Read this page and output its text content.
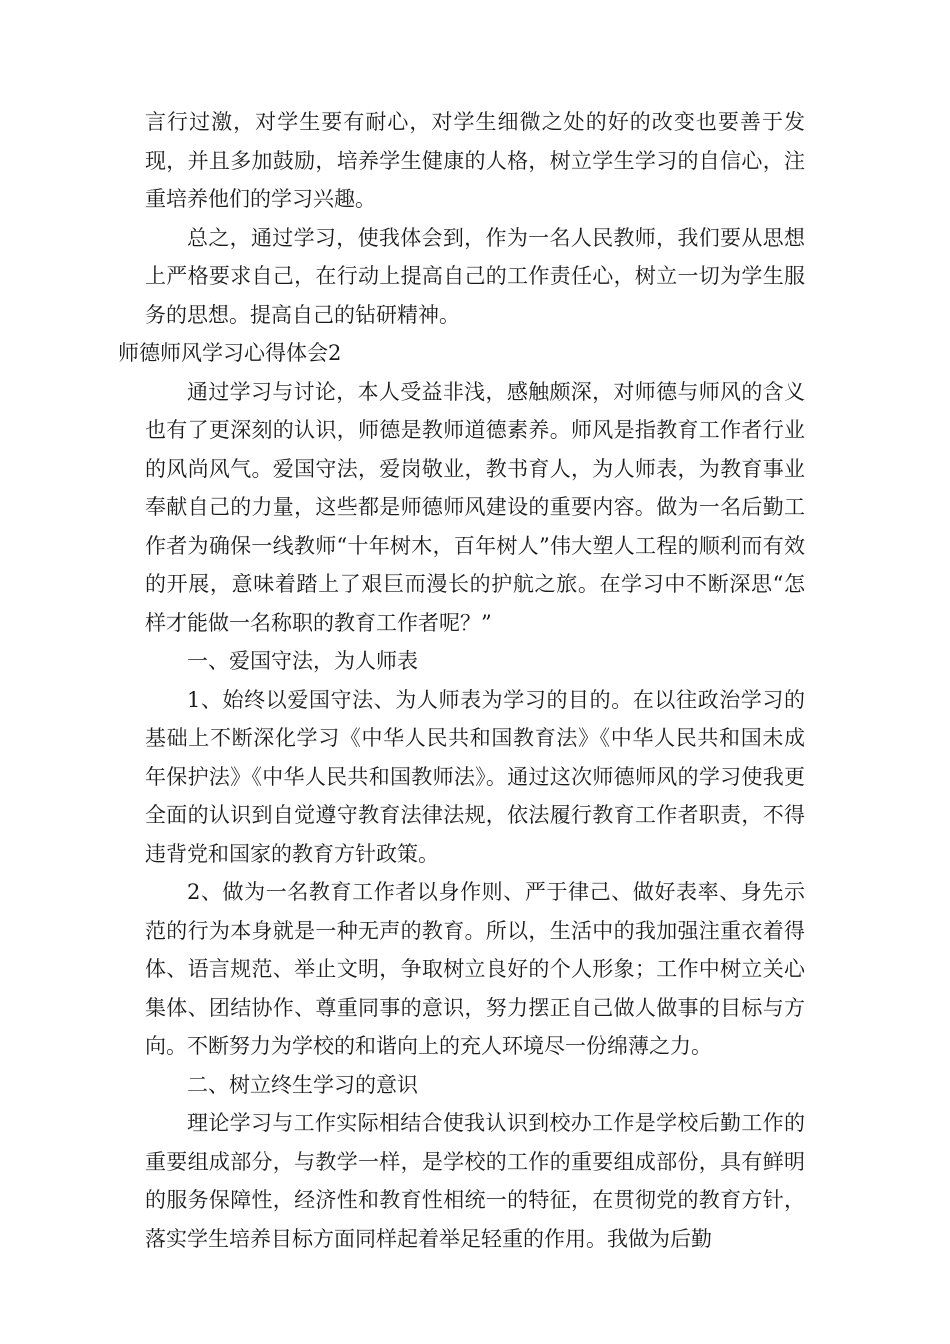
言行过激，对学生要有耐心，对学生细微之处的好的改变也要善于发现，并且多加鼓励，培养学生健康的人格，树立学生学习的自信心，注重培养他们的学习兴趣。

总之，通过学习，使我体会到，作为一名人民教师，我们要从思想上严格要求自己，在行动上提高自己的工作责任心，树立一切为学生服务的思想。提高自己的钻研精神。

师德师风学习心得体会2

通过学习与讨论，本人受益非浅，感触颇深，对师德与师风的含义也有了更深刻的认识，师德是教师道德素养。师风是指教育工作者行业的风尚风气。爱国守法，爱岗敬业，教书育人，为人师表，为教育事业奉献自己的力量，这些都是师德师风建设的重要内容。做为一名后勤工作者为确保一线教师“十年树木，百年树人”伟大塑人工程的顺利而有效的开展，意味着踏上了艰巨而漫长的护航之旅。在学习中不断深思“怎样才能做一名称职的教育工作者呢？”

一、爱国守法，为人师表

1、始终以爱国守法、为人师表为学习的目的。在以往政治学习的基础上不断深化学习《中华人民共和国教育法》《中华人民共和国未成年保护法》《中华人民共和国教师法》。通过这次师德师风的学习使我更全面的认识到自觉遵守教育法律法规，依法履行教育工作者职责，不得违背党和国家的教育方针政策。

2、做为一名教育工作者以身作则、严于律己、做好表率、身先示范的行为本身就是一种无声的教育。所以，生活中的我加强注重衣着得体、语言规范、举止文明，争取树立良好的个人形象；工作中树立关心集体、团结协作、尊重同事的意识，努力摆正自己做人做事的目标与方向。不断努力为学校的和谐向上的充人环境尽一份绵薄之力。

二、树立终生学习的意识

理论学习与工作实际相结合使我认识到校办工作是学校后勤工作的重要组成部分，与教学一样，是学校的工作的重要组成部份，具有鲜明的服务保障性，经济性和教育性相统一的特征，在贯彻党的教育方针，落实学生培养目标方面同样起着举足轻重的作用。我做为后勤
